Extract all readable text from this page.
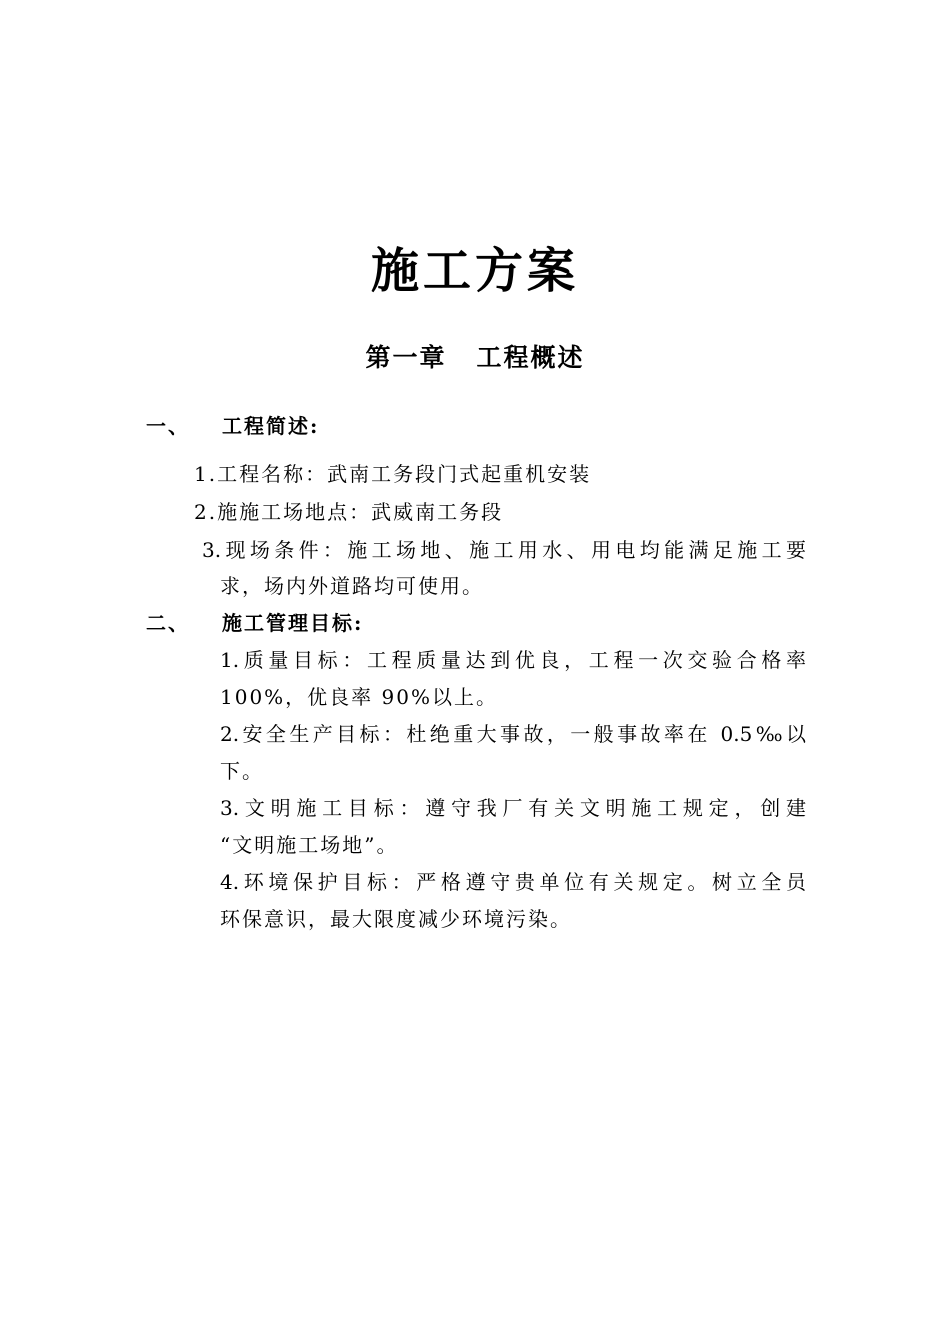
施工方案
第一章 工程概述
一、 工程简述:
1.工程名称：武南工务段门式起重机安装
2.施施工场地点：武威南工务段
3.现场条件：施工场地、施工用水、用电均能满足施工要
求，场内外道路均可使用。
二、 施工管理目标:
1.质量目标：工程质量达到优良，工程一次交验合格率
100%，优良率 90%以上。
2.安全生产目标：杜绝重大事故，一般事故率在 0.5‰以
下。
3.文明施工目标：遵守我厂有关文明施工规定，创建
“文明施工场地”。
4.环境保护目标：严格遵守贵单位有关规定。树立全员
环保意识，最大限度减少环境污染。
